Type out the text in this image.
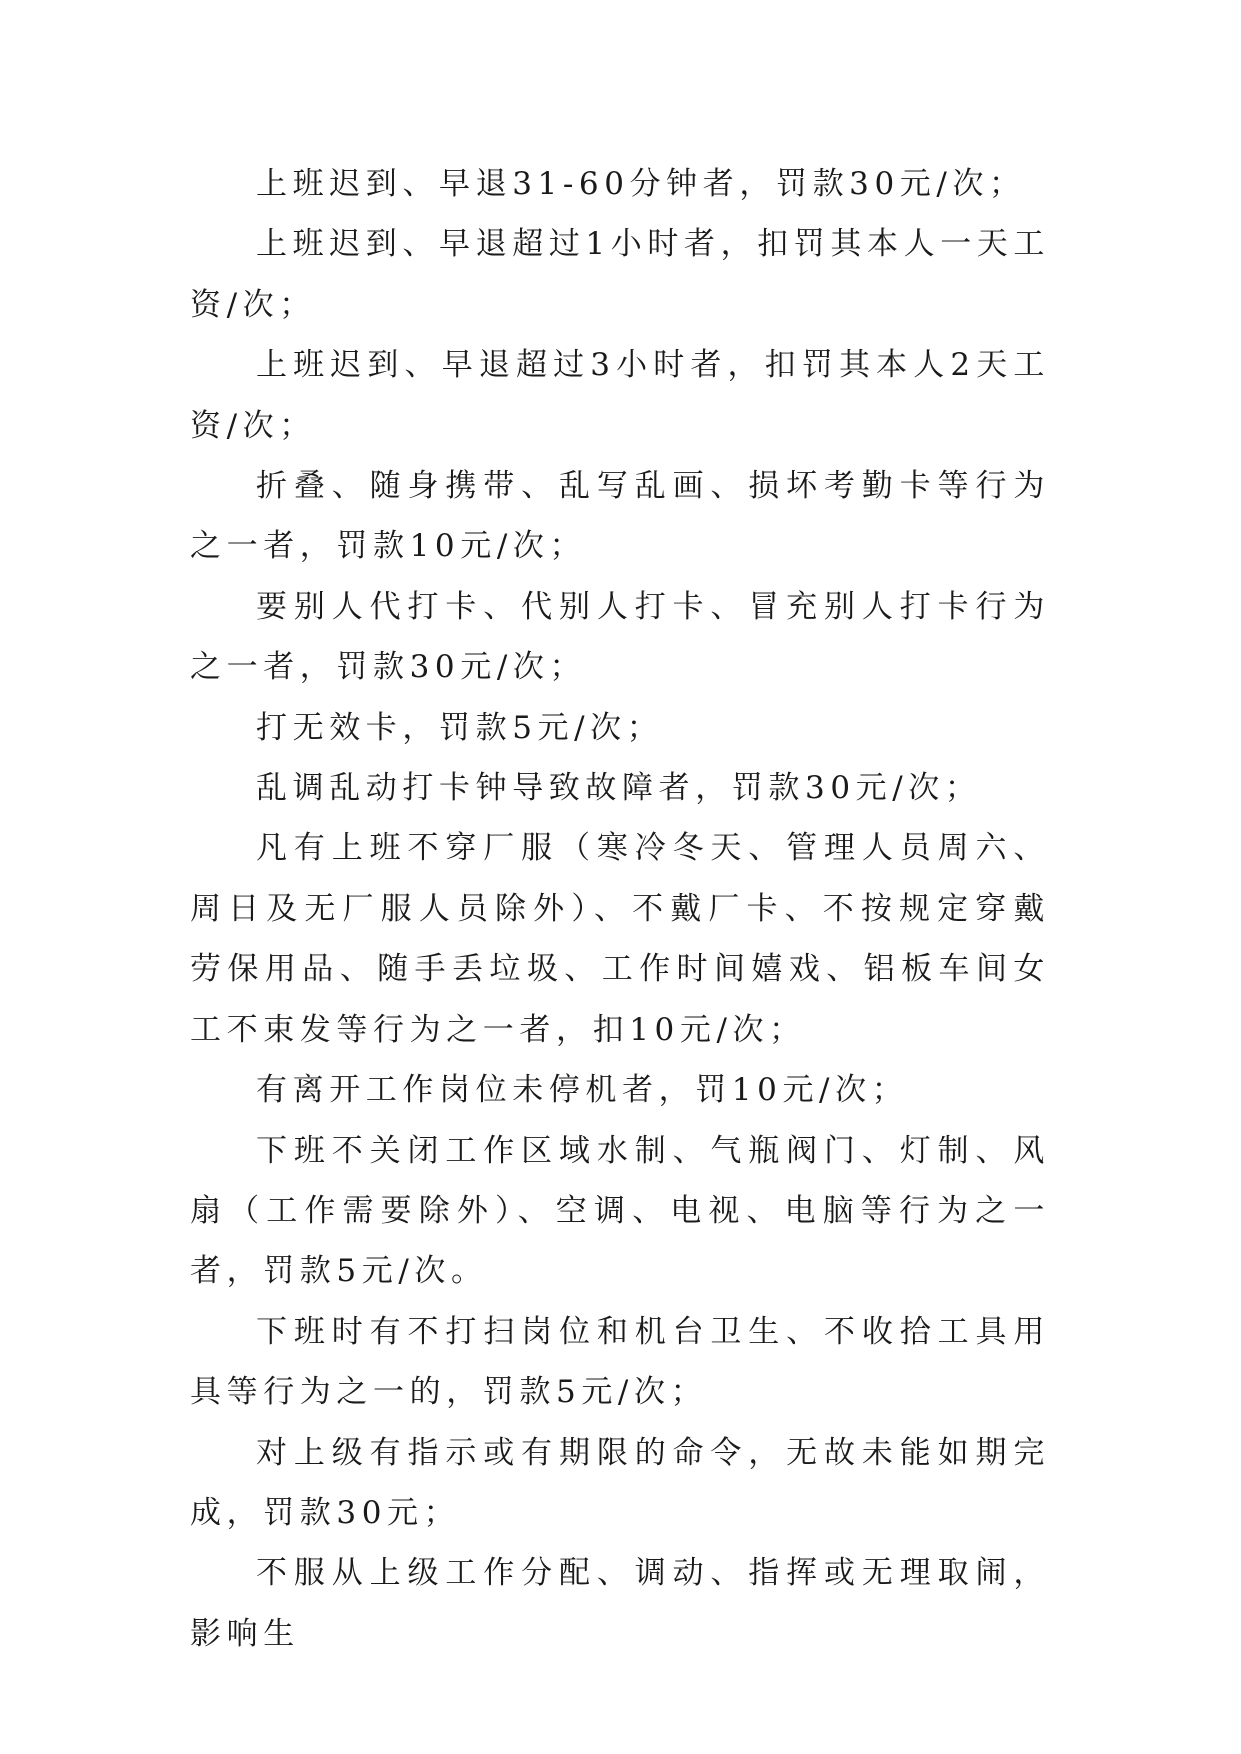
上班迟到、早退31-60分钟者，罚款30元/次；

上班迟到、早退超过1小时者，扣罚其本人一天工资/次；

上班迟到、早退超过3小时者，扣罚其本人2天工资/次；

折叠、随身携带、乱写乱画、损坏考勤卡等行为之一者，罚款10元/次；

要别人代打卡、代别人打卡、冒充别人打卡行为之一者，罚款30元/次；

打无效卡，罚款5元/次；

乱调乱动打卡钟导致故障者，罚款30元/次；

凡有上班不穿厂服（寒冷冬天、管理人员周六、周日及无厂服人员除外）、不戴厂卡、不按规定穿戴劳保用品、随手丢垃圾、工作时间嬉戏、铝板车间女工不束发等行为之一者，扣10元/次；

有离开工作岗位未停机者，罚10元/次；

下班不关闭工作区域水制、气瓶阀门、灯制、风扇（工作需要除外）、空调、电视、电脑等行为之一者，罚款5元/次。

下班时有不打扫岗位和机台卫生、不收拾工具用具等行为之一的，罚款5元/次；

对上级有指示或有期限的命令，无故未能如期完成，罚款30元；

不服从上级工作分配、调动、指挥或无理取闹，影响生
